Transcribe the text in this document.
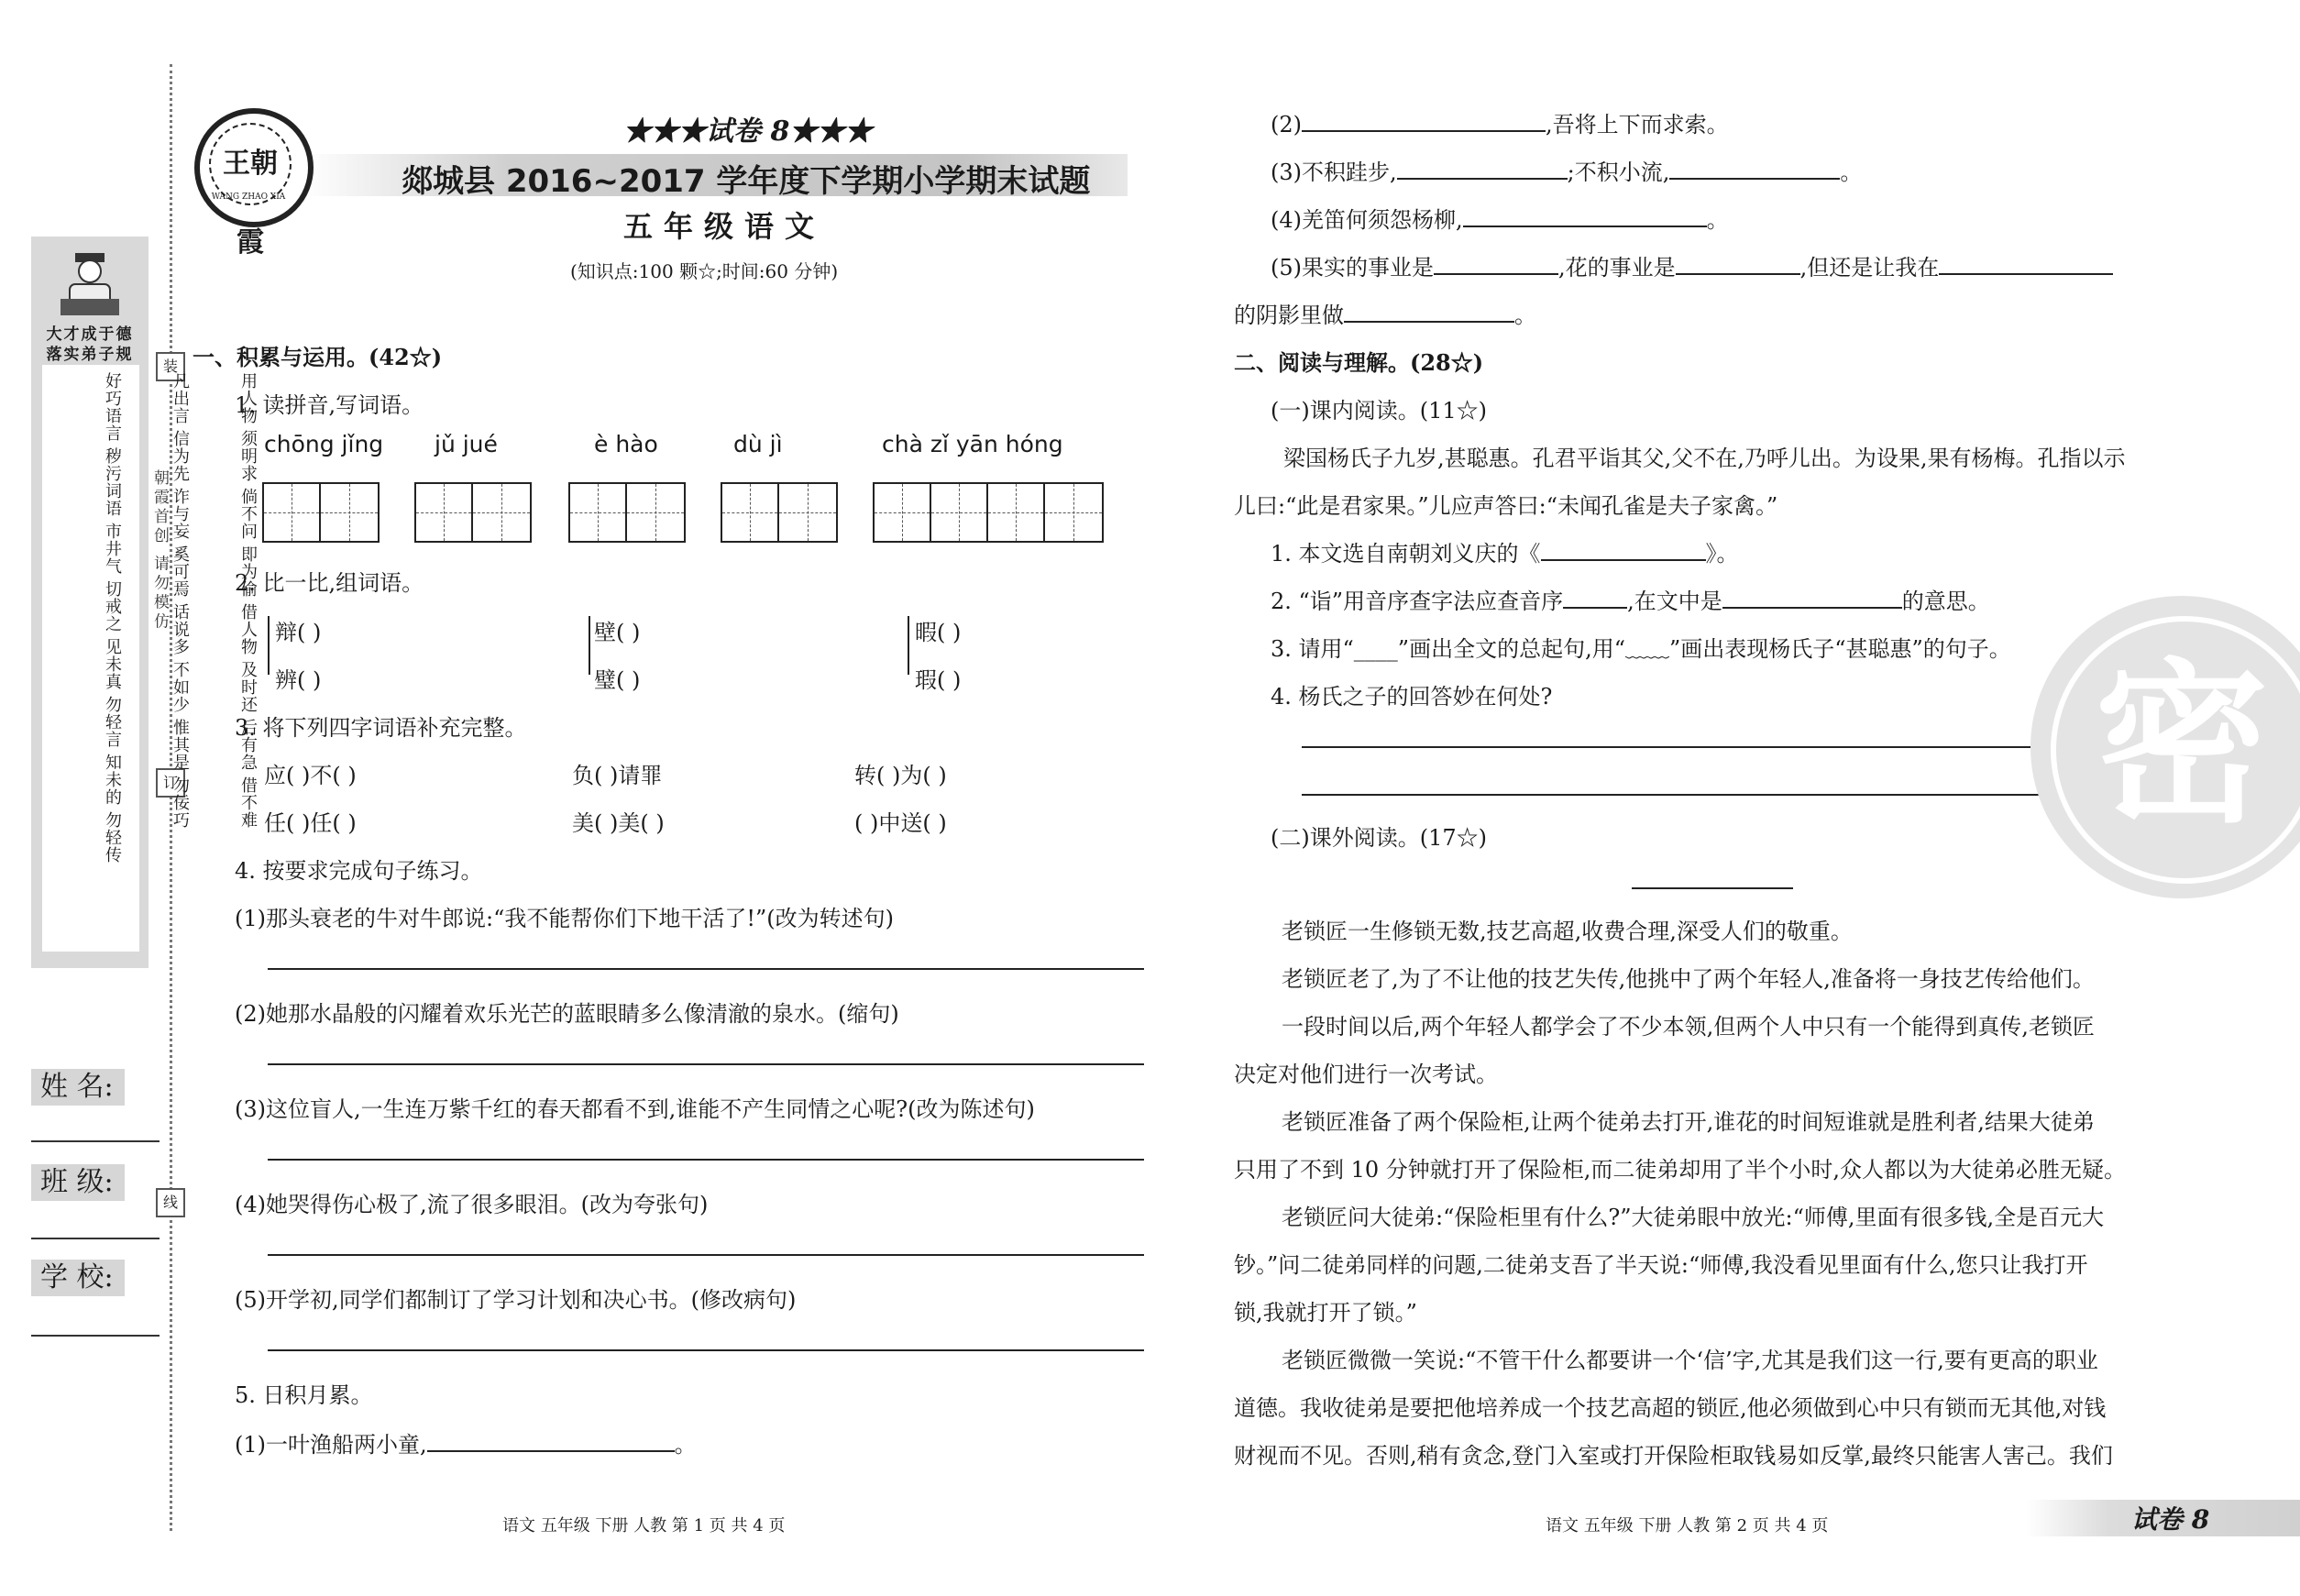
装
订
线
朝霞首创 请勿模仿
大才成于德
落实弟子规
好巧语言
秽污词语
市井气
切戒之
见未真
勿轻言
知未的
勿轻传
凡出言
信为先
诈与妄
奚可焉
话说多
不如少
惟其是
勿佞巧
用人物
须明求
倘不问
即为偷
借人物
及时还
后有急
借不难
姓 名:
班 级:
学 校:
王朝霞
WANG ZHAO XIA
★★★试卷 8★★★
郯城县 2016~2017 学年度下学期小学期末试题
五年级语文
(知识点:100 颗☆;时间:60 分钟)
一、积累与运用。(42☆)
1. 读拼音,写词语。
chōng jǐng jǔ jué	è hào	dù jì	chà zǐ yān hóng
2. 比一比,组词语。
辩( )
辨( )
壁( )
璧( )
暇( )
瑕( )
3. 将下列四字词语补充完整。
应( )不( )	负( )请罪	转( )为( )
任( )任( )	美( )美( )	( )中送( )
4. 按要求完成句子练习。
(1)那头衰老的牛对牛郎说:“我不能帮你们下地干活了!”(改为转述句)
(2)她那水晶般的闪耀着欢乐光芒的蓝眼睛多么像清澈的泉水。(缩句)
(3)这位盲人,一生连万紫千红的春天都看不到,谁能不产生同情之心呢?(改为陈述句)
(4)她哭得伤心极了,流了很多眼泪。(改为夸张句)
(5)开学初,同学们都制订了学习计划和决心书。(修改病句)
5. 日积月累。
(1)一叶渔船两小童,	。
语文 五年级 下册 人教 第 1 页 共 4 页
(2)	,吾将上下而求索。
(3)不积跬步,	;不积小流,	。
(4)羌笛何须怨杨柳,	。
(5)果实的事业是	,花的事业是	,但还是让我在
的阴影里做	。
二、阅读与理解。(28☆)
(一)课内阅读。(11☆)
梁国杨氏子九岁,甚聪惠。孔君平诣其父,父不在,乃呼儿出。为设果,果有杨梅。孔指以示
儿曰:“此是君家果。”儿应声答曰:“未闻孔雀是夫子家禽。”
1. 本文选自南朝刘义庆的《	》。
2. “诣”用音序查字法应查音序	,在文中是	的意思。
3. 请用“____”画出全文的总起句,用“﹏﹏”画出表现杨氏子“甚聪惠”的句子。
4. 杨氏之子的回答妙在何处?
(二)课外阅读。(17☆)
老锁匠一生修锁无数,技艺高超,收费合理,深受人们的敬重。
老锁匠老了,为了不让他的技艺失传,他挑中了两个年轻人,准备将一身技艺传给他们。
一段时间以后,两个年轻人都学会了不少本领,但两个人中只有一个能得到真传,老锁匠
决定对他们进行一次考试。
老锁匠准备了两个保险柜,让两个徒弟去打开,谁花的时间短谁就是胜利者,结果大徒弟
只用了不到 10 分钟就打开了保险柜,而二徒弟却用了半个小时,众人都以为大徒弟必胜无疑。
老锁匠问大徒弟:“保险柜里有什么?”大徒弟眼中放光:“师傅,里面有很多钱,全是百元大
钞。”问二徒弟同样的问题,二徒弟支吾了半天说:“师傅,我没看见里面有什么,您只让我打开
锁,我就打开了锁。”
老锁匠微微一笑说:“不管干什么都要讲一个‘信’字,尤其是我们这一行,要有更高的职业
道德。我收徒弟是要把他培养成一个技艺高超的锁匠,他必须做到心中只有锁而无其他,对钱
财视而不见。否则,稍有贪念,登门入室或打开保险柜取钱易如反掌,最终只能害人害己。我们
密
语文 五年级 下册 人教 第 2 页 共 4 页	试卷 8
